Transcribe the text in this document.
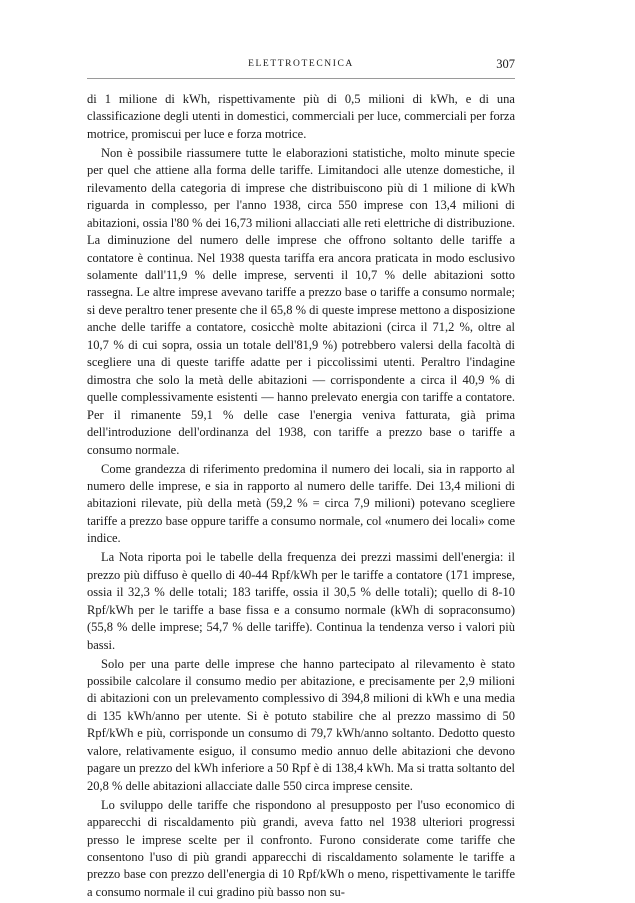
ELETTROTECNICA	307

di 1 milione di kWh, rispettivamente più di 0,5 milioni di kWh, e di una classificazione degli utenti in domestici, commerciali per luce, commerciali per forza motrice, promiscui per luce e forza motrice.

Non è possibile riassumere tutte le elaborazioni statistiche, molto minute specie per quel che attiene alla forma delle tariffe. Limitandoci alle utenze domestiche, il rilevamento della categoria di imprese che distribuiscono più di 1 milione di kWh riguarda in complesso, per l'anno 1938, circa 550 imprese con 13,4 milioni di abitazioni, ossia l'80 % dei 16,73 milioni allacciati alle reti elettriche di distribuzione. La diminuzione del numero delle imprese che offrono soltanto delle tariffe a contatore è continua. Nel 1938 questa tariffa era ancora praticata in modo esclusivo solamente dall'11,9 % delle imprese, serventi il 10,7 % delle abitazioni sotto rassegna. Le altre imprese avevano tariffe a prezzo base o tariffe a consumo normale; si deve peraltro tener presente che il 65,8 % di queste imprese mettono a disposizione anche delle tariffe a contatore, cosicchè molte abitazioni (circa il 71,2 %, oltre al 10,7 % di cui sopra, ossia un totale dell'81,9 %) potrebbero valersi della facoltà di scegliere una di queste tariffe adatte per i piccolissimi utenti. Peraltro l'indagine dimostra che solo la metà delle abitazioni — corrispondente a circa il 40,9 % di quelle complessivamente esistenti — hanno prelevato energia con tariffe a contatore. Per il rimanente 59,1 % delle case l'energia veniva fatturata, già prima dell'introduzione dell'ordinanza del 1938, con tariffe a prezzo base o tariffe a consumo normale.

Come grandezza di riferimento predomina il numero dei locali, sia in rapporto al numero delle imprese, e sia in rapporto al numero delle tariffe. Dei 13,4 milioni di abitazioni rilevate, più della metà (59,2 % = circa 7,9 milioni) potevano scegliere tariffe a prezzo base oppure tariffe a consumo normale, col «numero dei locali» come indice.

La Nota riporta poi le tabelle della frequenza dei prezzi massimi dell'energia: il prezzo più diffuso è quello di 40-44 Rpf/kWh per le tariffe a contatore (171 imprese, ossia il 32,3 % delle totali; 183 tariffe, ossia il 30,5 % delle totali); quello di 8-10 Rpf/kWh per le tariffe a base fissa e a consumo normale (kWh di sopraconsumo) (55,8 % delle imprese; 54,7 % delle tariffe). Continua la tendenza verso i valori più bassi.

Solo per una parte delle imprese che hanno partecipato al rilevamento è stato possibile calcolare il consumo medio per abitazione, e precisamente per 2,9 milioni di abitazioni con un prelevamento complessivo di 394,8 milioni di kWh e una media di 135 kWh/anno per utente. Si è potuto stabilire che al prezzo massimo di 50 Rpf/kWh e più, corrisponde un consumo di 79,7 kWh/anno soltanto. Dedotto questo valore, relativamente esiguo, il consumo medio annuo delle abitazioni che devono pagare un prezzo del kWh inferiore a 50 Rpf è di 138,4 kWh. Ma si tratta soltanto del 20,8 % delle abitazioni allacciate dalle 550 circa imprese censite.

Lo sviluppo delle tariffe che rispondono al presupposto per l'uso economico di apparecchi di riscaldamento più grandi, aveva fatto nel 1938 ulteriori progressi presso le imprese scelte per il confronto. Furono considerate come tariffe che consentono l'uso di più grandi apparecchi di riscaldamento solamente le tariffe a prezzo base con prezzo dell'energia di 10 Rpf/kWh o meno, rispettivamente le tariffe a consumo normale il cui gradino più basso non su-
